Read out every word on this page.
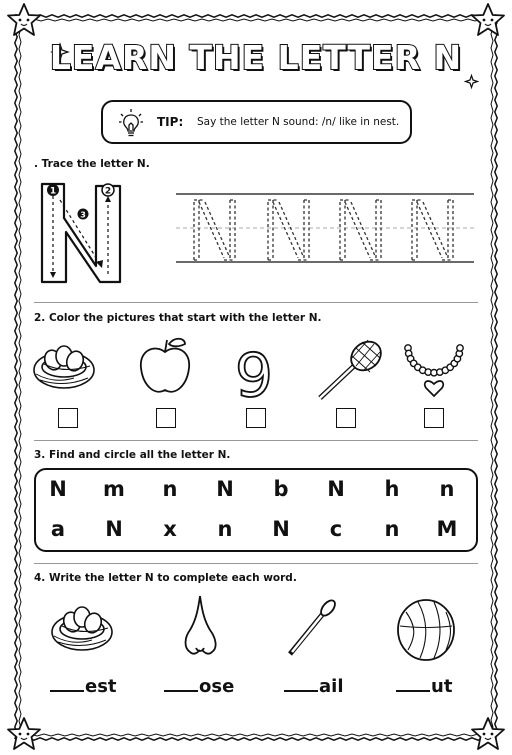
LEARN THE LETTER N
TIP: Say the letter N sound: /n/ like in nest.
. Trace the letter N.
1	2
3
2. Color the pictures that start with the letter N.
9
3. Find and circle all the letter N.
N m	n	N	b	N	h	n
a	N	x	n	N	c	n	M
4. Write the letter N to complete each word.
est	ose	ail	ut
